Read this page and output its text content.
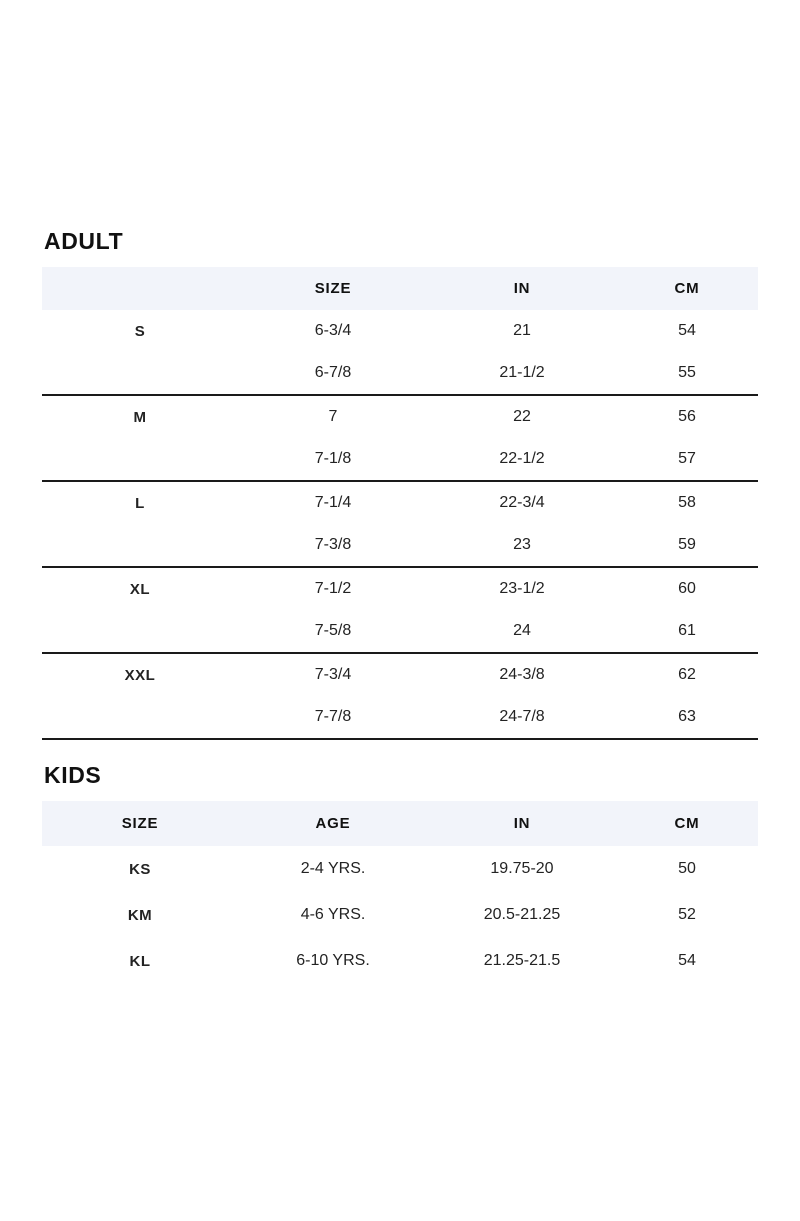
ADULT
	SIZE	IN	CM
S	6-3/4	21	54
	6-7/8	21-1/2	55
M	7	22	56
	7-1/8	22-1/2	57
L	7-1/4	22-3/4	58
	7-3/8	23	59
XL	7-1/2	23-1/2	60
	7-5/8	24	61
XXL	7-3/4	24-3/8	62
	7-7/8	24-7/8	63
KIDS
SIZE	AGE	IN	CM
KS	2-4 YRS.	19.75-20	50
KM	4-6 YRS.	20.5-21.25	52
KL	6-10 YRS.	21.25-21.5	54
